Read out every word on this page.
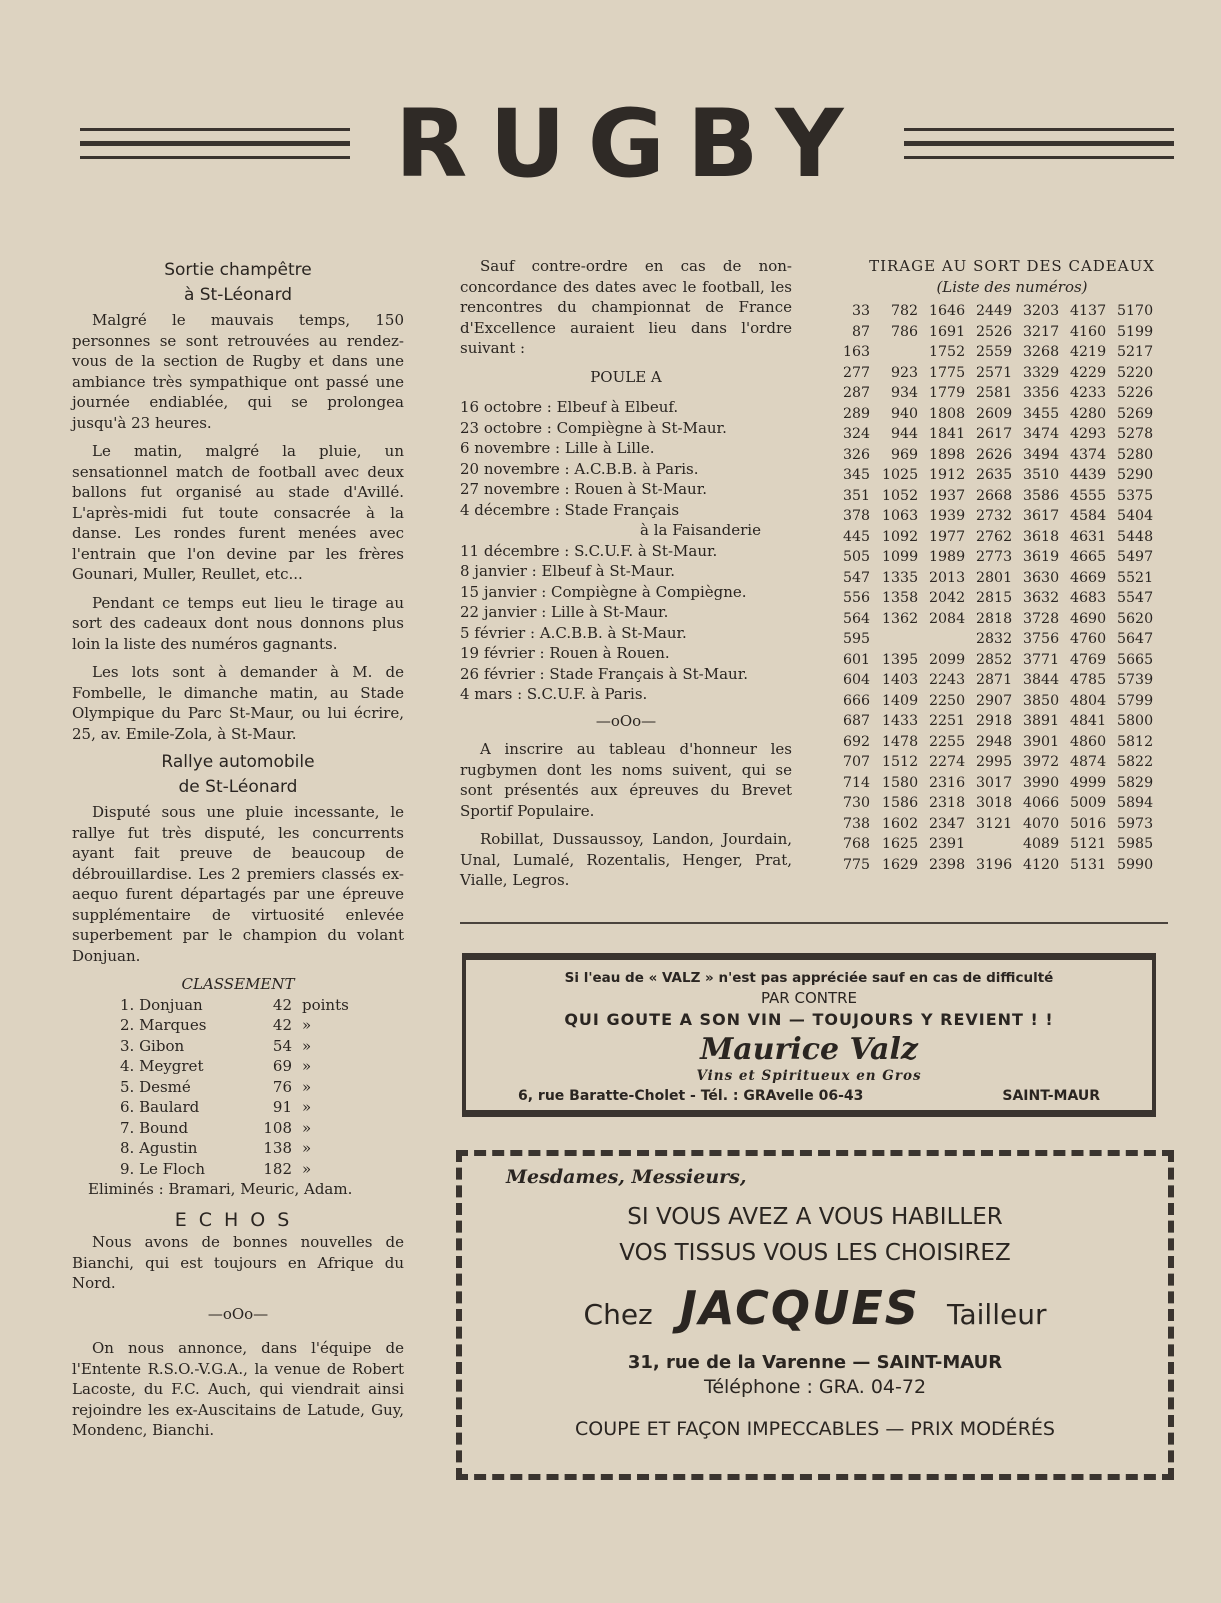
RUGBY
Sortie champêtre
à St-Léonard

Malgré le mauvais temps, 150 personnes se sont retrouvées au rendez-vous de la section de Rugby et dans une ambiance très sympathique ont passé une journée endiablée, qui se prolongea jusqu'à 23 heures.

Le matin, malgré la pluie, un sensationnel match de football avec deux ballons fut organisé au stade d'Avillé. L'après-midi fut toute consacrée à la danse. Les rondes furent menées avec l'entrain que l'on devine par les frères Gounari, Muller, Reullet, etc...

Pendant ce temps eut lieu le tirage au sort des cadeaux dont nous donnons plus loin la liste des numéros gagnants.

Les lots sont à demander à M. de Fombelle, le dimanche matin, au Stade Olympique du Parc St-Maur, ou lui écrire, 25, av. Emile-Zola, à St-Maur.

Rallye automobile
de St-Léonard

Disputé sous une pluie incessante, le rallye fut très disputé, les concurrents ayant fait preuve de beaucoup de débrouillardise. Les 2 premiers classés ex-aequo furent départagés par une épreuve supplémentaire de virtuosité enlevée superbement par le champion du volant Donjuan.

CLASSEMENT
1. Donjuan	42	points
2. Marques	42	»
3. Gibon	54	»
4. Meygret	69	»
5. Desmé	76	»
6. Baulard	91	»
7. Bound	108	»
8. Agustin	138	»
9. Le Floch	182	»
Eliminés : Bramari, Meuric, Adam.
ECHOS

Nous avons de bonnes nouvelles de Bianchi, qui est toujours en Afrique du Nord.

—oOo—

On nous annonce, dans l'équipe de l'Entente R.S.O.-V.G.A., la venue de Robert Lacoste, du F.C. Auch, qui viendrait ainsi rejoindre les ex-Auscitains de Latude, Guy, Mondenc, Bianchi.

Sauf contre-ordre en cas de non-concordance des dates avec le football, les rencontres du championnat de France d'Excellence auraient lieu dans l'ordre suivant :

POULE A
16 octobre : Elbeuf à Elbeuf.
23 octobre : Compiègne à St-Maur.
6 novembre : Lille à Lille.
20 novembre : A.C.B.B. à Paris.
27 novembre : Rouen à St-Maur.
4 décembre : Stade Français
à la Faisanderie
11 décembre : S.C.U.F. à St-Maur.
8 janvier : Elbeuf à St-Maur.
15 janvier : Compiègne à Compiègne.
22 janvier : Lille à St-Maur.
5 février : A.C.B.B. à St-Maur.
19 février : Rouen à Rouen.
26 février : Stade Français à St-Maur.
4 mars : S.C.U.F. à Paris.
—oOo—

A inscrire au tableau d'honneur les rugbymen dont les noms suivent, qui se sont présentés aux épreuves du Brevet Sportif Populaire.

Robillat, Dussaussoy, Landon, Jourdain, Unal, Lumalé, Rozentalis, Henger, Prat, Vialle, Legros.

TIRAGE AU SORT DES CADEAUX
(Liste des numéros)
33	782	1646	2449	3203	4137	5170
87	786	1691	2526	3217	4160	5199
163		1752	2559	3268	4219	5217
277	923	1775	2571	3329	4229	5220
287	934	1779	2581	3356	4233	5226
289	940	1808	2609	3455	4280	5269
324	944	1841	2617	3474	4293	5278
326	969	1898	2626	3494	4374	5280
345	1025	1912	2635	3510	4439	5290
351	1052	1937	2668	3586	4555	5375
378	1063	1939	2732	3617	4584	5404
445	1092	1977	2762	3618	4631	5448
505	1099	1989	2773	3619	4665	5497
547	1335	2013	2801	3630	4669	5521
556	1358	2042	2815	3632	4683	5547
564	1362	2084	2818	3728	4690	5620
595			2832	3756	4760	5647
601	1395	2099	2852	3771	4769	5665
604	1403	2243	2871	3844	4785	5739
666	1409	2250	2907	3850	4804	5799
687	1433	2251	2918	3891	4841	5800
692	1478	2255	2948	3901	4860	5812
707	1512	2274	2995	3972	4874	5822
714	1580	2316	3017	3990	4999	5829
730	1586	2318	3018	4066	5009	5894
738	1602	2347	3121	4070	5016	5973
768	1625	2391		4089	5121	5985
775	1629	2398	3196	4120	5131	5990
Si l'eau de « VALZ » n'est pas appréciée sauf en cas de difficulté
PAR CONTRE
QUI GOUTE A SON VIN — TOUJOURS Y REVIENT ! !
Maurice Valz
Vins et Spiritueux en Gros
6, rue Baratte-Cholet - Tél. : GRAvelle 06-43	SAINT-MAUR
Mesdames, Messieurs,
SI VOUS AVEZ A VOUS HABILLER
VOS TISSUS VOUS LES CHOISIREZ
Chez JACQUES Tailleur
31, rue de la Varenne — SAINT-MAUR
Téléphone : GRA. 04-72
COUPE ET FAÇON IMPECCABLES — PRIX MODÉRÉS
